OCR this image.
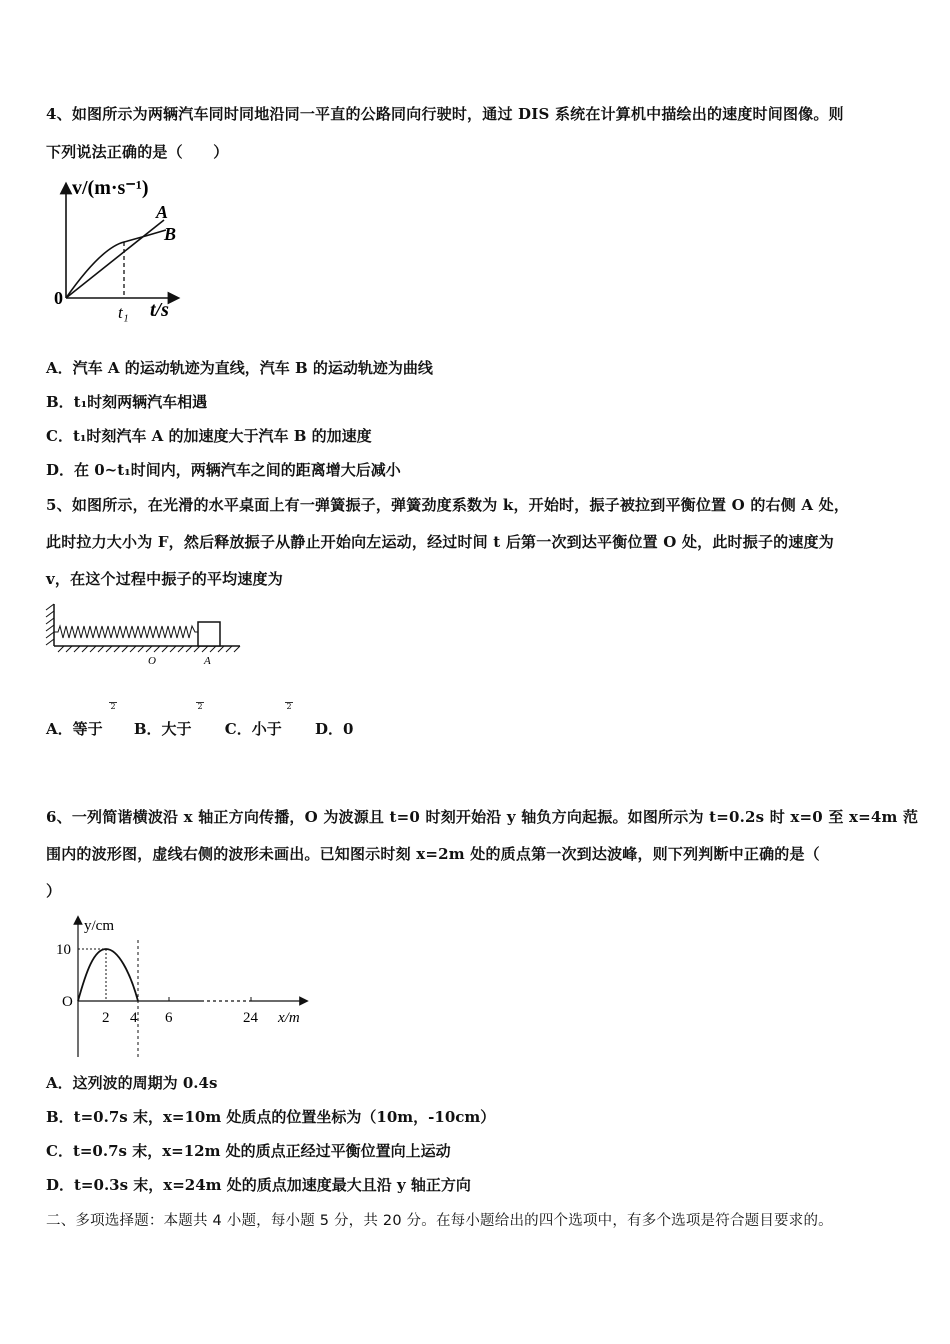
4、如图所示为两辆汽车同时同地沿同一平直的公路同向行驶时，通过 DIS 系统在计算机中描绘出的速度时间图像。则
下列说法正确的是（　　）
v/(m·s⁻¹)
0
t₁ t/s
A
B
A．汽车 A 的运动轨迹为直线，汽车 B 的运动轨迹为曲线
B．t₁时刻两辆汽车相遇
C．t₁时刻汽车 A 的加速度大于汽车 B 的加速度
D．在 0~t₁时间内，两辆汽车之间的距离增大后减小
5、如图所示，在光滑的水平桌面上有一弹簧振子，弹簧劲度系数为 k，开始时，振子被拉到平衡位置 O 的右侧 A 处，
此时拉力大小为 F，然后释放振子从静止开始向左运动，经过时间 t 后第一次到达平衡位置 O 处，此时振子的速度为
v，在这个过程中振子的平均速度为
O	A
A．等于 B．大于 C．小于 D．0
2	2	2
6、一列简谐横波沿 x 轴正方向传播，O 为波源且 t=0 时刻开始沿 y 轴负方向起振。如图所示为 t=0.2s 时 x=0 至 x=4m 范
围内的波形图，虚线右侧的波形未画出。已知图示时刻 x=2m 处的质点第一次到达波峰，则下列判断中正确的是（
）
y/cm
10
O
2 4 6	24 x/m
A．这列波的周期为 0.4s
B．t=0.7s 末，x=10m 处质点的位置坐标为（10m，-10cm）
C．t=0.7s 末，x=12m 处的质点正经过平衡位置向上运动
D．t=0.3s 末，x=24m 处的质点加速度最大且沿 y 轴正方向
二、多项选择题：本题共 4 小题，每小题 5 分，共 20 分。在每小题给出的四个选项中，有多个选项是符合题目要求的。
